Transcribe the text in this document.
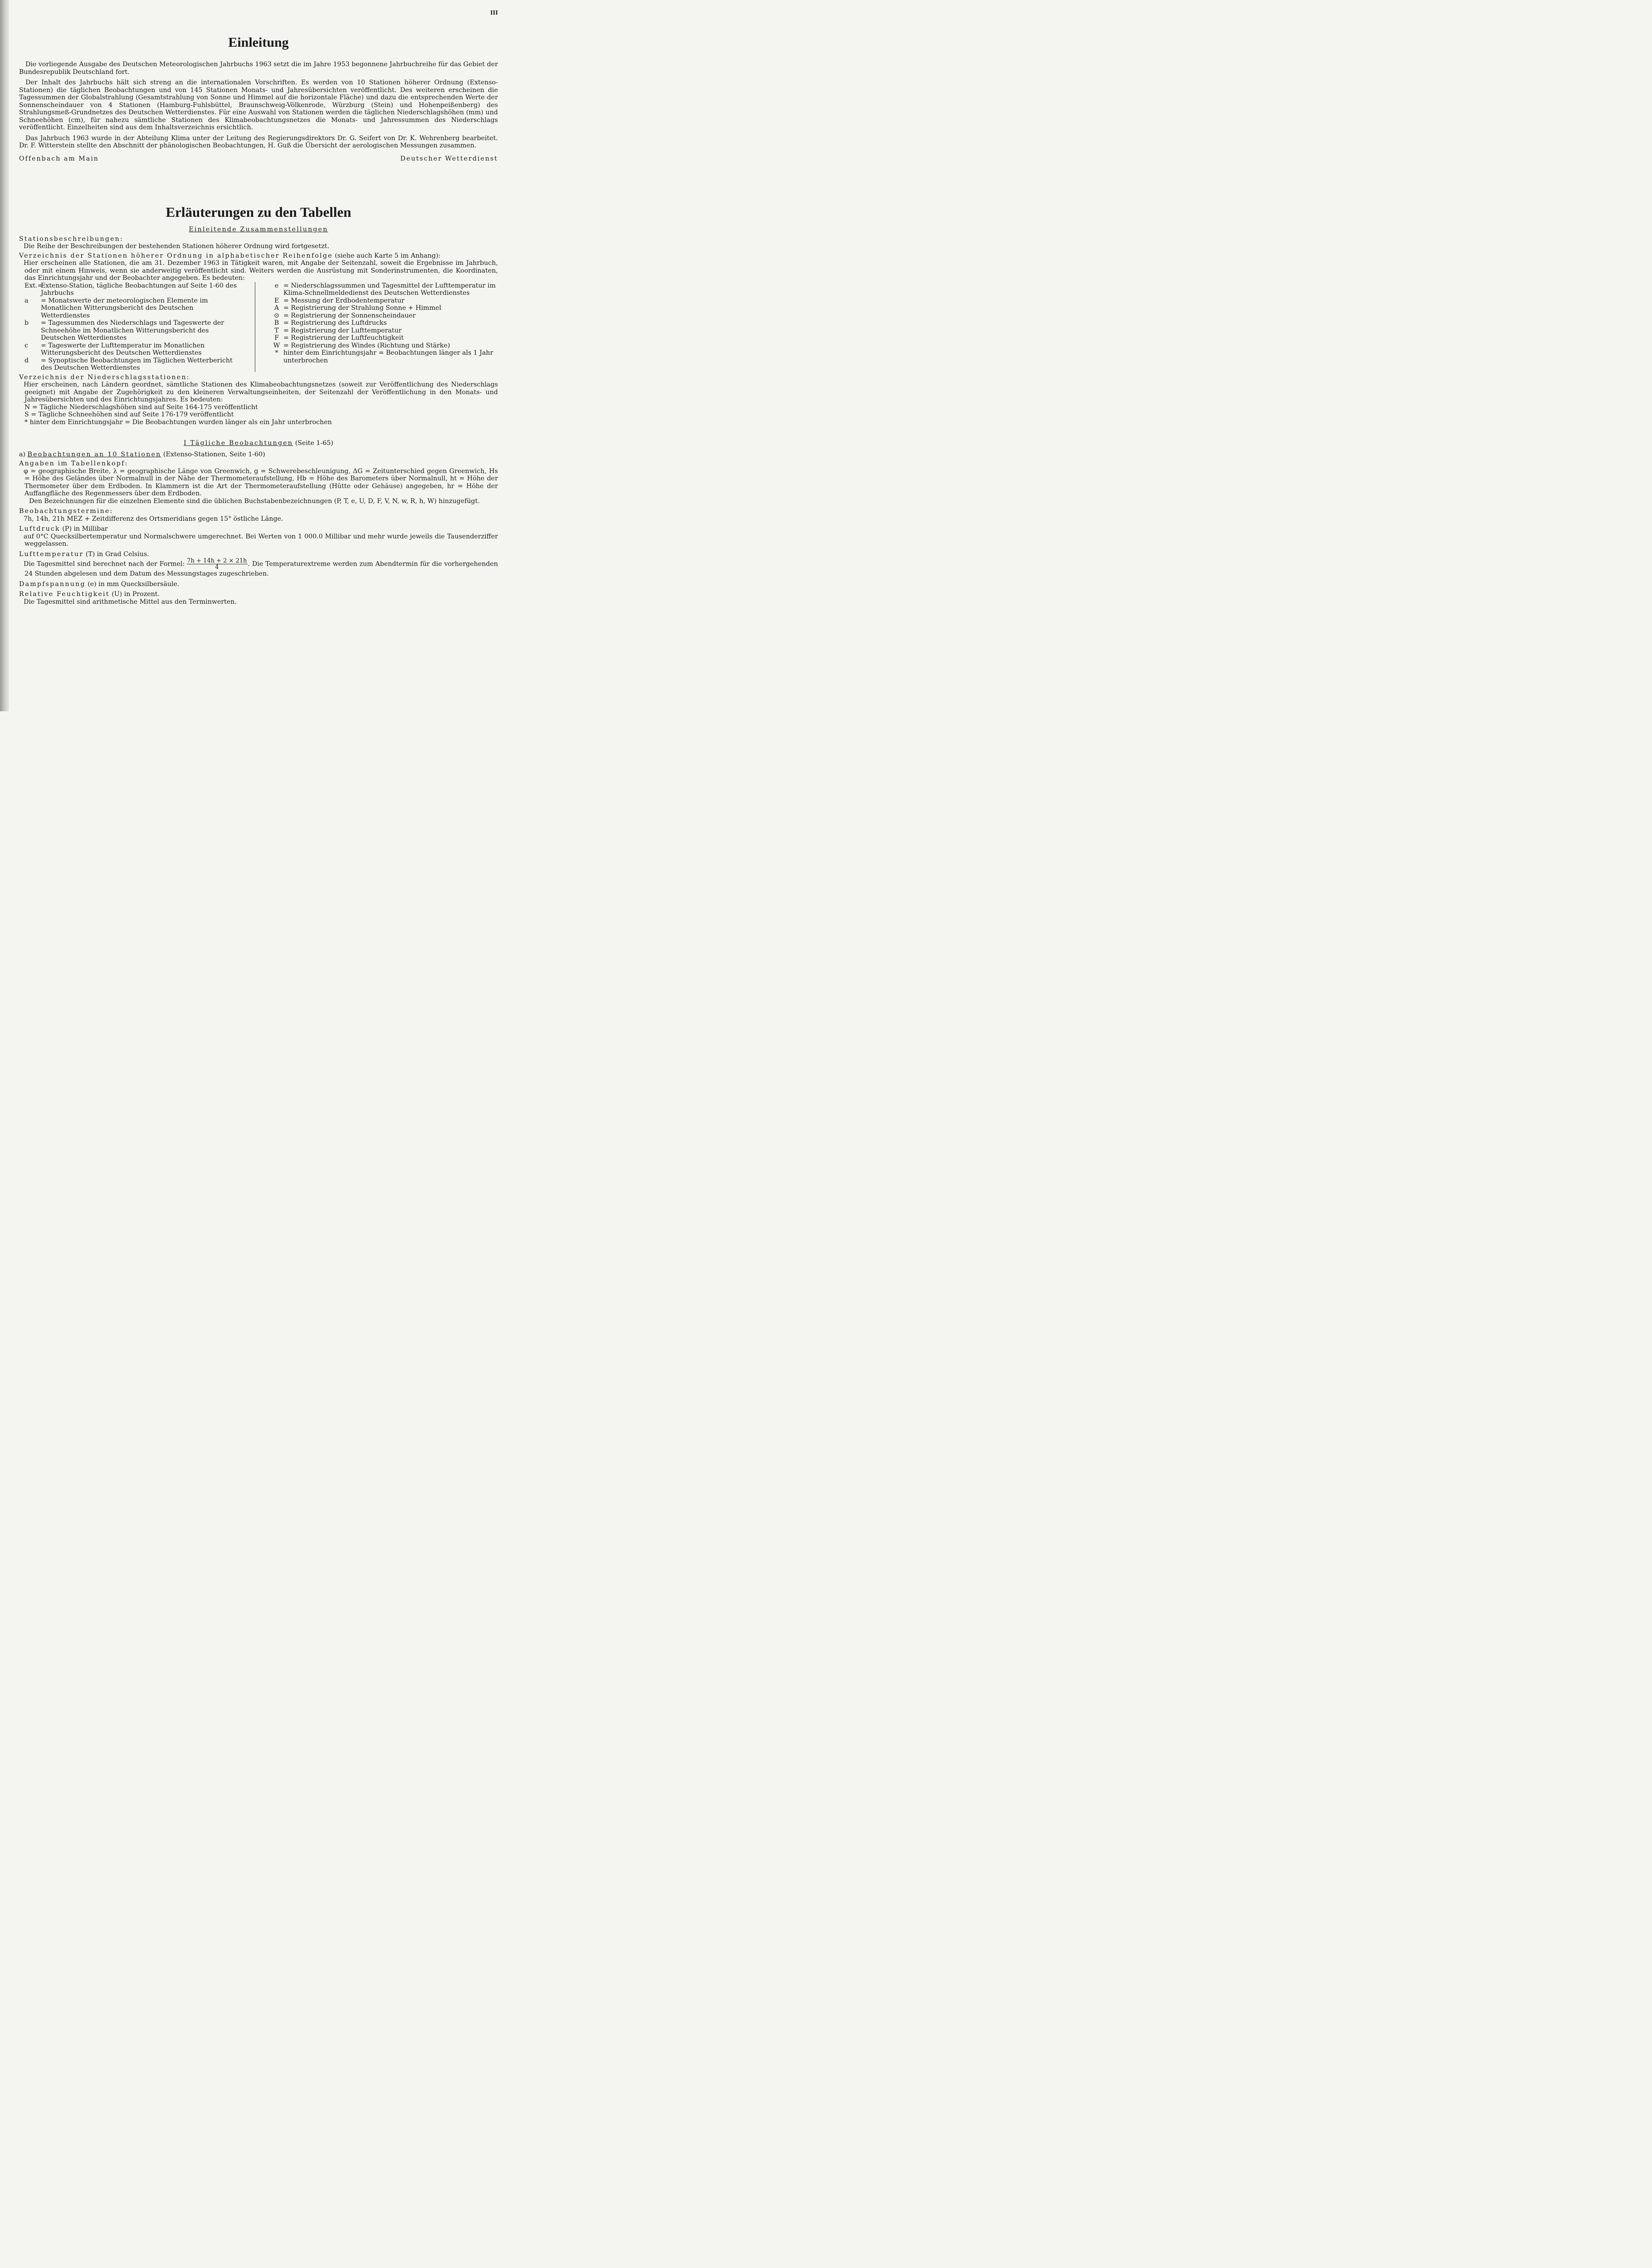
III
Einleitung

Die vorliegende Ausgabe des Deutschen Meteorologischen Jahrbuchs 1963 setzt die im Jahre 1953 begonnene Jahrbuchreihe für das Gebiet der Bundesrepublik Deutschland fort.

Der Inhalt des Jahrbuchs hält sich streng an die internationalen Vorschriften. Es werden von 10 Stationen höherer Ordnung (Extenso-Stationen) die täglichen Beobachtungen und von 145 Stationen Monats- und Jahresübersichten veröffentlicht. Des weiteren erscheinen die Tagessummen der Globalstrahlung (Gesamtstrahlung von Sonne und Himmel auf die horizontale Fläche) und dazu die entsprechenden Werte der Sonnenscheindauer von 4 Stationen (Hamburg-Fuhlsbüttel, Braunschweig-Völkenrode, Würzburg (Stein) und Hohenpeißenberg) des Strahlungsmeß-Grundnetzes des Deutschen Wetterdienstes. Für eine Auswahl von Stationen werden die täglichen Niederschlagshöhen (mm) und Schneehöhen (cm), für nahezu sämtliche Stationen des Klimabeobachtungsnetzes die Monats- und Jahressummen des Niederschlags veröffentlicht. Einzelheiten sind aus dem Inhaltsverzeichnis ersichtlich.

Das Jahrbuch 1963 wurde in der Abteilung Klima unter der Leitung des Regierungsdirektors Dr. G. Seifert von Dr. K. Wehrenberg bearbeitet. Dr. F. Witterstein stellte den Abschnitt der phänologischen Beobachtungen, H. Guß die Übersicht der aerologischen Messungen zusammen.

Offenbach am Main	Deutscher Wetterdienst
Erläuterungen zu den Tabellen
Einleitende Zusammenstellungen
Stationsbeschreibungen:

Die Reihe der Beschreibungen der bestehenden Stationen höherer Ordnung wird fortgesetzt.

Verzeichnis der Stationen höherer Ordnung in alphabetischer Reihenfolge (siehe auch Karte 5 im Anhang):

Hier erscheinen alle Stationen, die am 31. Dezember 1963 in Tätigkeit waren, mit Angabe der Seitenzahl, soweit die Ergebnisse im Jahrbuch, oder mit einem Hinweis, wenn sie anderweitig veröffentlicht sind. Weiters werden die Ausrüstung mit Sonderinstrumenten, die Koordinaten, das Einrichtungsjahr und der Beobachter angegeben. Es bedeuten:

Ext.=
Extenso-Station, tägliche Beobachtungen auf Seite 1-60 des Jahrbuchs
a	= Monatswerte der meteorologischen Elemente im Monatlichen Witterungsbericht des Deutschen Wetterdienstes
b	= Tagessummen des Niederschlags und Tageswerte der Schneehöhe im Monatlichen Witterungsbericht des Deutschen Wetterdienstes
c	= Tageswerte der Lufttemperatur im Monatlichen Witterungsbericht des Deutschen Wetterdienstes
d	= Synoptische Beobachtungen im Täglichen Wetterbericht des Deutschen Wetterdienstes
e = Niederschlagssummen und Tagesmittel der Lufttemperatur im Klima-Schnellmeldedienst des Deutschen Wetterdienstes
E = Messung der Erdbodentemperatur
A = Registrierung der Strahlung Sonne + Himmel
⊙ = Registrierung der Sonnenscheindauer
B = Registrierung des Luftdrucks
T = Registrierung der Lufttemperatur
F = Registrierung der Luftfeuchtigkeit
W = Registrierung des Windes (Richtung und Stärke)
* hinter dem Einrichtungsjahr = Beobachtungen länger als 1 Jahr unterbrochen
Verzeichnis der Niederschlagsstationen:

Hier erscheinen, nach Ländern geordnet, sämtliche Stationen des Klimabeobachtungsnetzes (soweit zur Veröffentlichung des Niederschlags geeignet) mit Angabe der Zugehörigkeit zu den kleineren Verwaltungseinheiten, der Seitenzahl der Veröffentlichung in den Monats- und Jahresübersichten und des Einrichtungsjahres. Es bedeuten:

N = Tägliche Niederschlagshöhen sind auf Seite 164-175 veröffentlicht
S = Tägliche Schneehöhen sind auf Seite 176-179 veröffentlicht
* hinter dem Einrichtungsjahr = Die Beobachtungen wurden länger als ein Jahr unterbrochen
I Tägliche Beobachtungen (Seite 1-65)
a) Beobachtungen an 10 Stationen (Extenso-Stationen, Seite 1-60)
Angaben im Tabellenkopf:

φ = geographische Breite, λ = geographische Länge von Greenwich, g = Schwerebeschleunigung, ΔG = Zeitunterschied gegen Greenwich, Hs = Höhe des Geländes über Normalnull in der Nähe der Thermometeraufstellung, Hb = Höhe des Barometers über Normalnull, ht = Höhe der Thermometer über dem Erdboden. In Klammern ist die Art der Thermometeraufstellung (Hütte oder Gehäuse) angegeben, hr = Höhe der Auffangfläche des Regenmessers über dem Erdboden.

Den Bezeichnungen für die einzelnen Elemente sind die üblichen Buchstabenbezeichnungen (P, T, e, U, D, F, V, N, w, R, h, W) hinzugefügt.

Beobachtungstermine:

7h, 14h, 21h MEZ + Zeitdifferenz des Ortsmeridians gegen 15° östliche Länge.

Luftdruck (P) in Millibar

auf 0°C Quecksilbertemperatur und Normalschwere umgerechnet. Bei Werten von 1 000.0 Millibar und mehr wurde jeweils die Tausenderziffer weggelassen.

Lufttemperatur (T) in Grad Celsius.

Die Tagesmittel sind berechnet nach der Formel: $\frac{7h + 14h + 2 \times 21h}{4}$ . Die Temperaturextreme werden zum Abendtermin für die vorhergehenden 24 Stunden abgelesen und dem Datum des Messungstages zugeschrieben.

Dampfspannung (e) in mm Quecksilbersäule.
Relative Feuchtigkeit (U) in Prozent.

Die Tagesmittel sind arithmetische Mittel aus den Terminwerten.
